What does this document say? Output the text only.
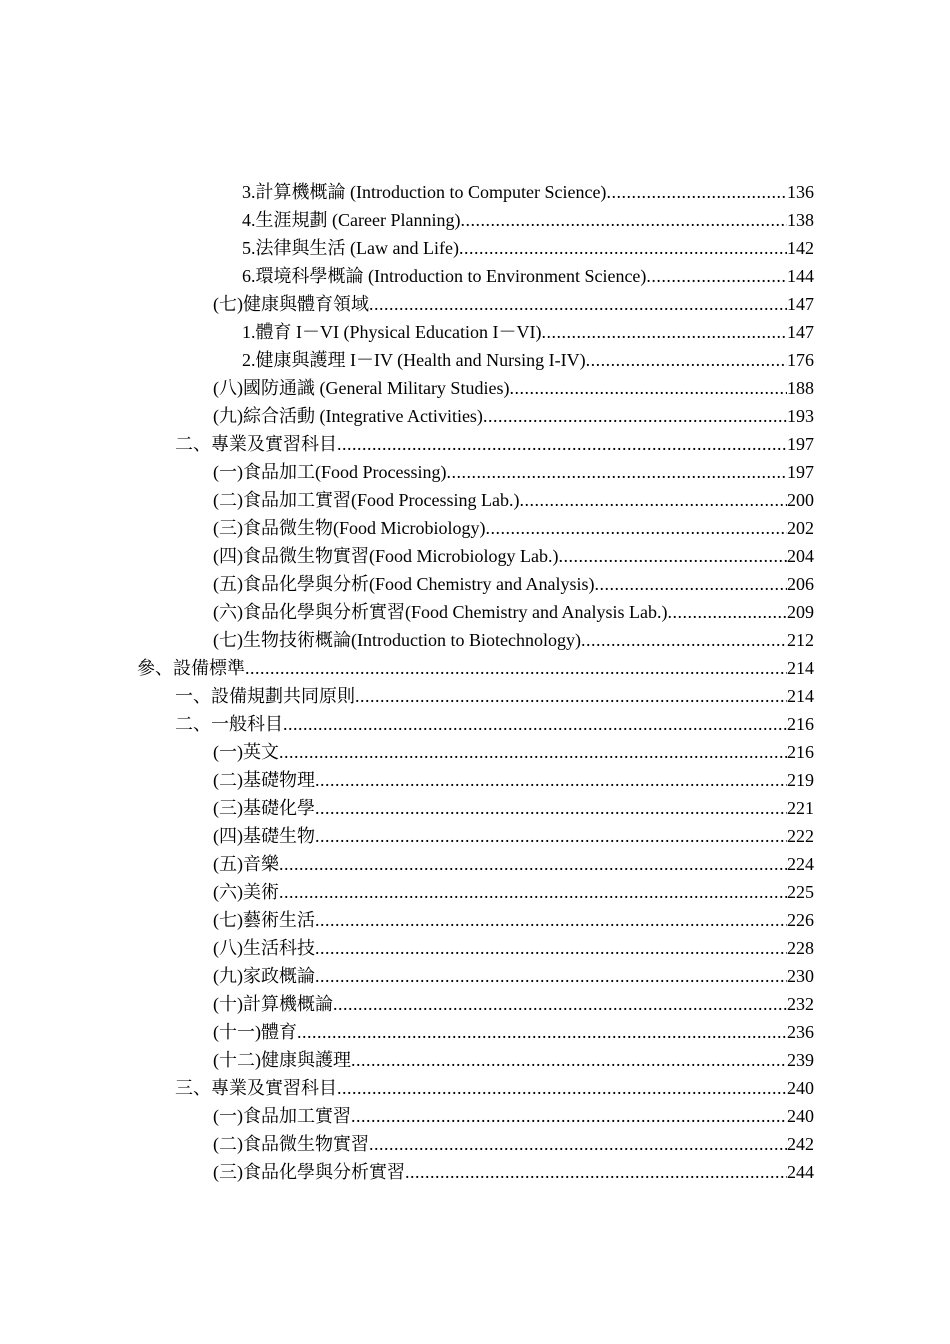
3.計算機概論 (Introduction to Computer Science) .....	136
4.生涯規劃 (Career Planning) .....	138
5.法律與生活 (Law and Life) .....	142
6.環境科學概論 (Introduction to Environment Science) .....	144
(七)健康與體育領域 .....	147
1.體育 I－VI (Physical Education I－VI) .....	147
2.健康與護理 I－IV (Health and Nursing I-IV) .....	176
(八)國防通識 (General Military Studies) .....	188
(九)綜合活動 (Integrative Activities) .....	193
二、專業及實習科目 .....	197
(一)食品加工(Food Processing) .....	197
(二)食品加工實習(Food Processing Lab.) .....	200
(三)食品微生物(Food Microbiology) .....	202
(四)食品微生物實習(Food Microbiology Lab.) .....	204
(五)食品化學與分析(Food Chemistry and Analysis) .....	206
(六)食品化學與分析實習(Food Chemistry and Analysis Lab.) .....	209
(七)生物技術概論(Introduction to Biotechnology) .....	212
參、設備標準 .....	214
一、設備規劃共同原則 .....	214
二、一般科目 .....	216
(一)英文 .....	216
(二)基礎物理 .....	219
(三)基礎化學 .....	221
(四)基礎生物 .....	222
(五)音樂 .....	224
(六)美術 .....	225
(七)藝術生活 .....	226
(八)生活科技 .....	228
(九)家政概論 .....	230
(十)計算機概論 .....	232
(十一)體育 .....	236
(十二)健康與護理 .....	239
三、專業及實習科目 .....	240
(一)食品加工實習 .....	240
(二)食品微生物實習 .....	242
(三)食品化學與分析實習 .....	244
